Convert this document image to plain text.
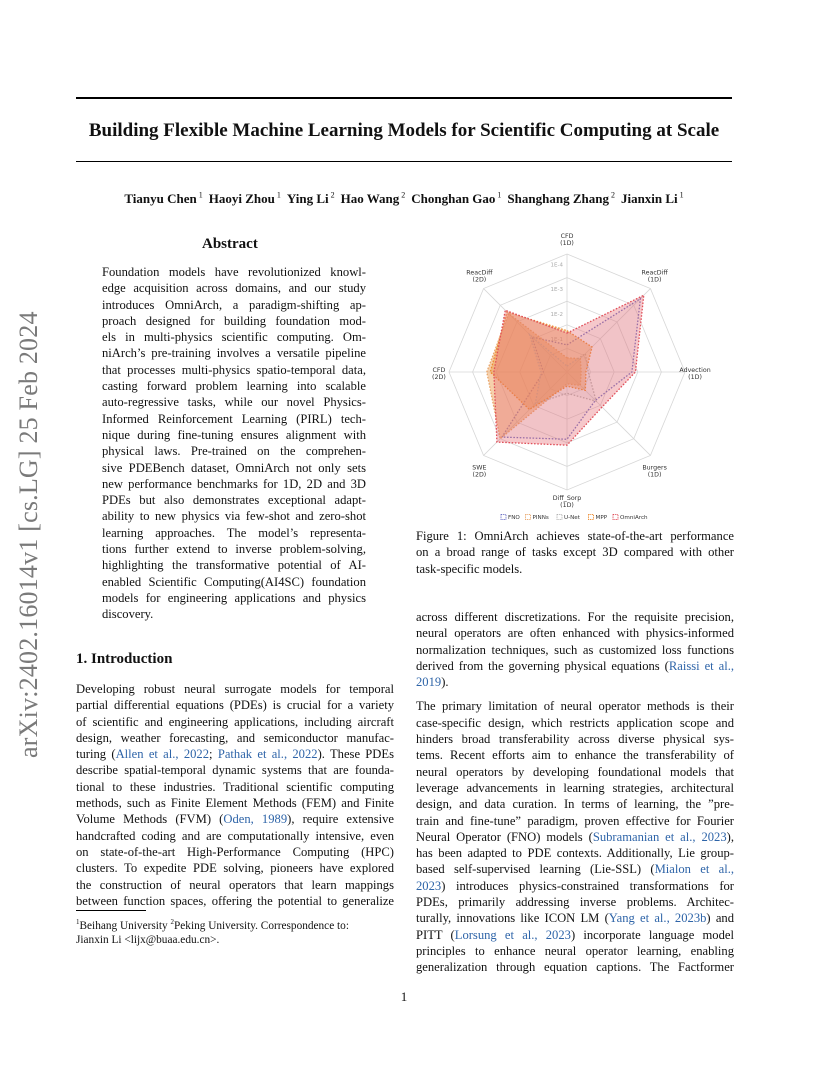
arXiv:2402.16014v1 [cs.LG] 25 Feb 2024
Building Flexible Machine Learning Models for Scientific Computing at Scale
Tianyu Chen $^1$ Haoyi Zhou $^1$ Ying Li $^2$ Hao Wang $^2$ Chonghan Gao $^1$ Shanghang Zhang $^2$ Jianxin Li $^1$
Abstract
Foundation models have revolutionized knowl-
edge acquisition across domains, and our study
introduces OmniArch, a paradigm-shifting ap-
proach designed for building foundation mod-
els in multi-physics scientific computing. Om-
niArch’s pre-training involves a versatile pipeline
that processes multi-physics spatio-temporal data,
casting forward problem learning into scalable
auto-regressive tasks, while our novel Physics-
Informed Reinforcement Learning (PIRL) tech-
nique during fine-tuning ensures alignment with
physical laws. Pre-trained on the comprehen-
sive PDEBench dataset, OmniArch not only sets
new performance benchmarks for 1D, 2D and 3D
PDEs but also demonstrates exceptional adapt-
ability to new physics via few-shot and zero-shot
learning approaches. The model’s representa-
tions further extend to inverse problem-solving,
highlighting the transformative potential of AI-
enabled Scientific Computing(AI4SC) foundation
models for engineering applications and physics
discovery.
1. Introduction
Developing robust neural surrogate models for temporal
partial differential equations (PDEs) is crucial for a variety
of scientific and engineering applications, including aircraft
design, weather forecasting, and semiconductor manufac-
turing (Allen et al., 2022; Pathak et al., 2022). These PDEs
describe spatial-temporal dynamic systems that are founda-
tional to these industries. Traditional scientific computing
methods, such as Finite Element Methods (FEM) and Finite
Volume Methods (FVM) (Oden, 1989), require extensive
handcrafted coding and are computationally intensive, even
on state-of-the-art High-Performance Computing (HPC)
clusters. To expedite PDE solving, pioneers have explored
the construction of neural operators that learn mappings
between function spaces, offering the potential to generalize
$^1$Beihang University $^2$Peking University. Correspondence to:
Jianxin Li <lijx@buaa.edu.cn>.
1E-4
1E-3
1E-2
CFD
(1D)
ReacDiff
(1D)
Advection
(1D)
Burgers
(1D)
Diff_Sorp
(1D)
SWE
(2D)
CFD
(2D)
ReacDiff
(2D)
FNO PINNs	U-Net	MPP OmniArch
Figure 1: OmniArch achieves state-of-the-art performance
on a broad range of tasks except 3D compared with other
task-specific models.
across different discretizations. For the requisite precision,
neural operators are often enhanced with physics-informed
normalization techniques, such as customized loss functions
derived from the governing physical equations (Raissi et al.,
2019).
The primary limitation of neural operator methods is their
case-specific design, which restricts application scope and
hinders broad transferability across diverse physical sys-
tems. Recent efforts aim to enhance the transferability of
neural operators by developing foundational models that
leverage advancements in learning strategies, architectural
design, and data curation. In terms of learning, the ”pre-
train and fine-tune” paradigm, proven effective for Fourier
Neural Operator (FNO) models (Subramanian et al., 2023),
has been adapted to PDE contexts. Additionally, Lie group-
based self-supervised learning (Lie-SSL) (Mialon et al.,
2023) introduces physics-constrained transformations for
PDEs, primarily addressing inverse problems. Architec-
turally, innovations like ICON LM (Yang et al., 2023b) and
PITT (Lorsung et al., 2023) incorporate language model
principles to enhance neural operator learning, enabling
generalization through equation captions. The Factformer
1
